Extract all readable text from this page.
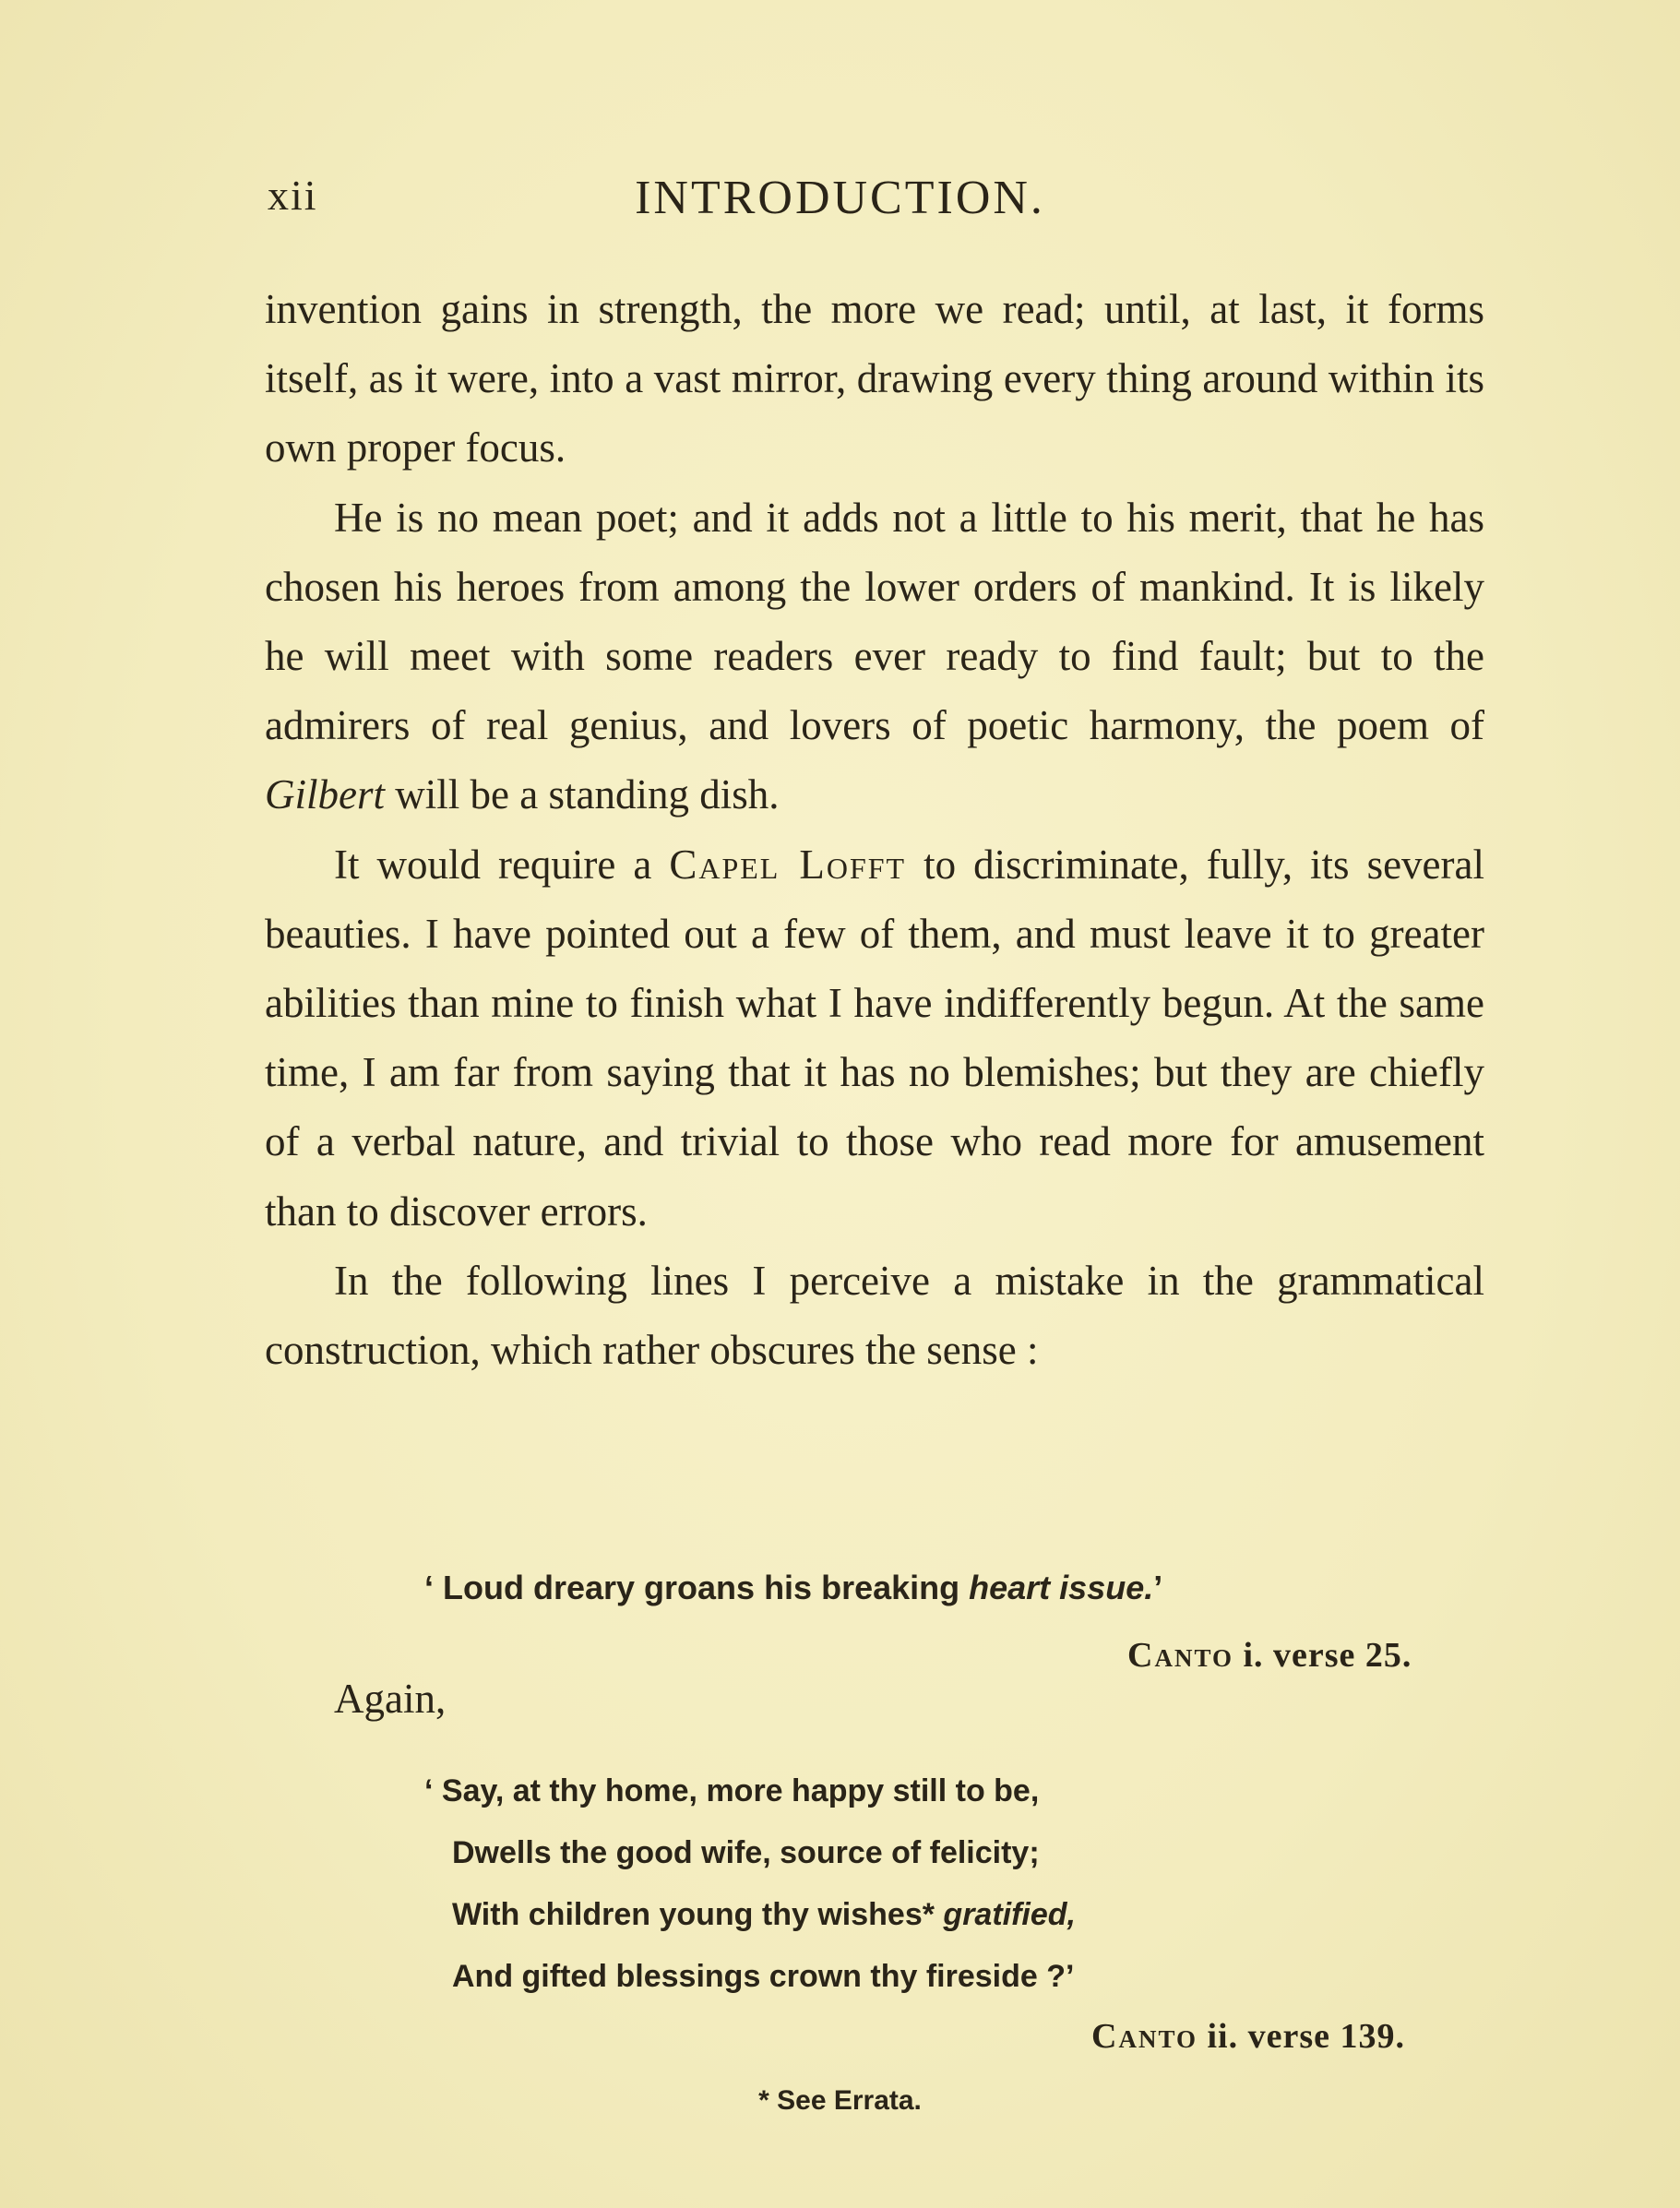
xii	INTRODUCTION.

invention gains in strength, the more we read; until, at last, it forms itself, as it were, into a vast mirror, drawing every thing around within its own proper focus.

He is no mean poet; and it adds not a little to his merit, that he has chosen his heroes from among the lower orders of mankind. It is likely he will meet with some readers ever ready to find fault; but to the admirers of real genius, and lovers of poetic harmony, the poem of Gilbert will be a standing dish.

It would require a Capel Lofft to discriminate, fully, its several beauties. I have pointed out a few of them, and must leave it to greater abilities than mine to finish what I have indifferently begun. At the same time, I am far from saying that it has no blemishes; but they are chiefly of a verbal nature, and trivial to those who read more for amusement than to discover errors.

In the following lines I perceive a mistake in the grammatical construction, which rather obscures the sense :

‘ Loud dreary groans his breaking heart issue.’
Canto i. verse 25.
Again,
‘ Say, at thy home, more happy still to be,
Dwells the good wife, source of felicity;
With children young thy wishes* gratified,
And gifted blessings crown thy fireside ?’
Canto ii. verse 139.
* See Errata.
